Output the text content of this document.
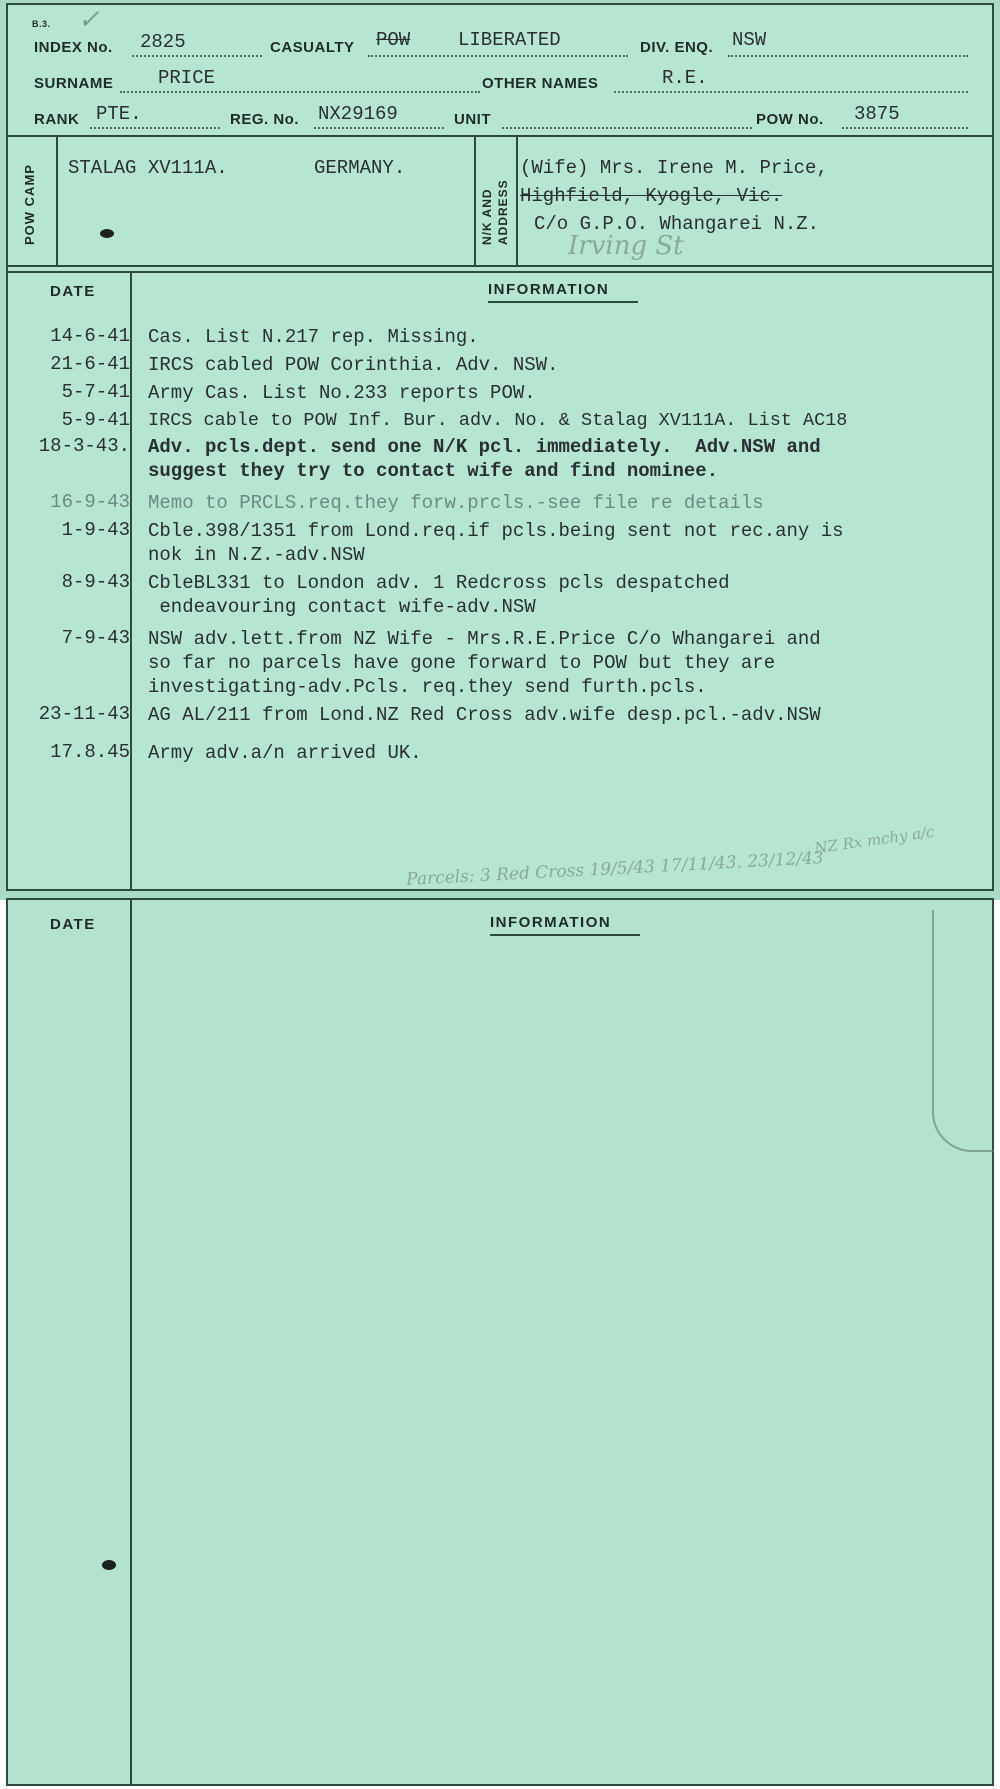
B.3. ✓
INDEX No. 2825	CASUALTY POW	LIBERATED	DIV. ENQ. NSW
SURNAME PRICE	OTHER NAMES	R.E.
RANK PTE.	REG. No. NX29169	UNIT	POW No. 3875
POW CAMP STALAG XV111A.	GERMANY.
N/K AND ADDRESS
(Wife) Mrs. Irene M. Price,
Highfield, Kyogle, Vic.
C/o G.P.O. Whangarei N.Z.
Irving St
DATE	INFORMATION
14-6-41 Cas. List N.217 rep. Missing.
21-6-41 IRCS cabled POW Corinthia. Adv. NSW.
5-7-41 Army Cas. List No.233 reports POW.
5-9-41 IRCS cable to POW Inf. Bur. adv. No. & Stalag XV111A. List AC18
18-3-43. Adv. pcls.dept. send one N/K pcl. immediately.  Adv.NSW and
suggest they try to contact wife and find nominee.
16-9-43 Memo to PRCLS.req.they forw.prcls.-see file re details
1-9-43 Cble.398/1351 from Lond.req.if pcls.being sent not rec.any is
nok in N.Z.-adv.NSW
8-9-43 CbleBL331 to London adv. 1 Redcross pcls despatched
endeavouring contact wife-adv.NSW
7-9-43 NSW adv.lett.from NZ Wife - Mrs.R.E.Price C/o Whangarei and
so far no parcels have gone forward to POW but they are
investigating-adv.Pcls. req.they send furth.pcls.
23-11-43 AG AL/211 from Lond.NZ Red Cross adv.wife desp.pcl.-adv.NSW
17.8.45 Army adv.a/n arrived UK.
NZ Rx mchy a/c
Parcels: 3 Red Cross 19/5/43 17/11/43. 23/12/43
DATE	INFORMATION
